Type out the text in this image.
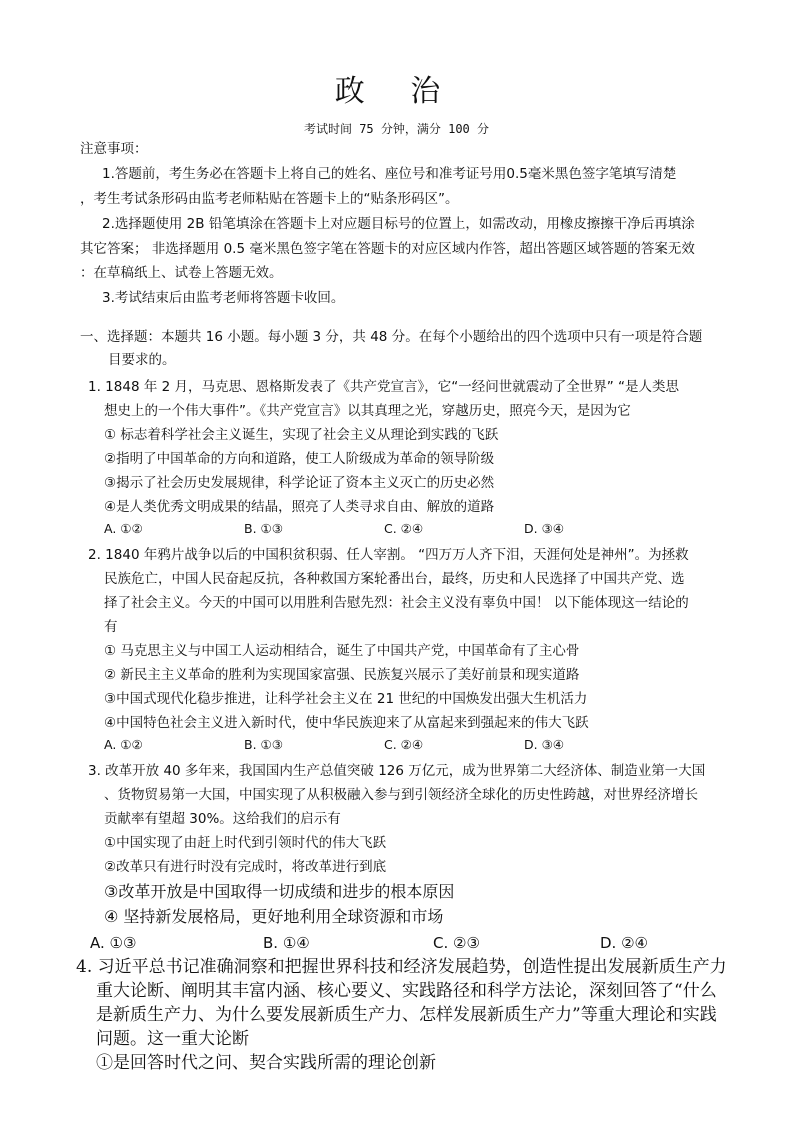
政 治
考试时间 75 分钟，满分 100 分
注意事项：
1.答题前，考生务必在答题卡上将自己的姓名、座位号和准考证号用0.5毫米黑色签字笔填写清楚
，考生考试条形码由监考老师粘贴在答题卡上的“贴条形码区”。
2.选择题使用 2B 铅笔填涂在答题卡上对应题目标号的位置上，如需改动，用橡皮擦擦干净后再填涂
其它答案； 非选择题用 0.5 毫米黑色签字笔在答题卡的对应区域内作答，超出答题区域答题的答案无效
：在草稿纸上、试卷上答题无效。
3.考试结束后由监考老师将答题卡收回。
一、选择题：本题共 16 小题。每小题 3 分，共 48 分。在每个小题给出的四个选项中只有一项是符合题
目要求的。
1. 1848 年 2 月，马克思、恩格斯发表了《共产党宣言》，它“一经问世就震动了全世界” “是人类思
想史上的一个伟大事件”。《共产党宣言》以其真理之光，穿越历史，照亮今天，是因为它
① 标志着科学社会主义诞生，实现了社会主义从理论到实践的飞跃
②指明了中国革命的方向和道路，使工人阶级成为革命的领导阶级
③揭示了社会历史发展规律，科学论证了资本主义灭亡的历史必然
④是人类优秀文明成果的结晶，照亮了人类寻求自由、解放的道路
A. ①②	B. ①③	C. ②④	D. ③④
2. 1840 年鸦片战争以后的中国积贫积弱、任人宰割。 “四万万人齐下泪，天涯何处是神州”。为拯救
民族危亡，中国人民奋起反抗，各种救国方案轮番出台，最终，历史和人民选择了中国共产党、选
择了社会主义。今天的中国可以用胜利告慰先烈：社会主义没有辜负中国！ 以下能体现这一结论的
有
① 马克思主义与中国工人运动相结合，诞生了中国共产党，中国革命有了主心骨
② 新民主主义革命的胜利为实现国家富强、民族复兴展示了美好前景和现实道路
③中国式现代化稳步推进，让科学社会主义在 21 世纪的中国焕发出强大生机活力
④中国特色社会主义进入新时代，使中华民族迎来了从富起来到强起来的伟大飞跃
A. ①②	B. ①③	C. ②④	D. ③④
3. 改革开放 40 多年来，我国国内生产总值突破 126 万亿元，成为世界第二大经济体、制造业第一大国
、货物贸易第一大国，中国实现了从积极融入参与到引领经济全球化的历史性跨越，对世界经济增长
贡献率有望超 30%。这给我们的启示有
①中国实现了由赶上时代到引领时代的伟大飞跃
②改革只有进行时没有完成时，将改革进行到底
③改革开放是中国取得一切成绩和进步的根本原因
④ 坚持新发展格局，更好地利用全球资源和市场
A. ①③	B. ①④	C. ②③	D. ②④
4. 习近平总书记准确洞察和把握世界科技和经济发展趋势，创造性提出发展新质生产力
重大论断、阐明其丰富内涵、核心要义、实践路径和科学方法论，深刻回答了“什么
是新质生产力、为什么要发展新质生产力、怎样发展新质生产力”等重大理论和实践
问题。这一重大论断
①是回答时代之问、契合实践所需的理论创新
